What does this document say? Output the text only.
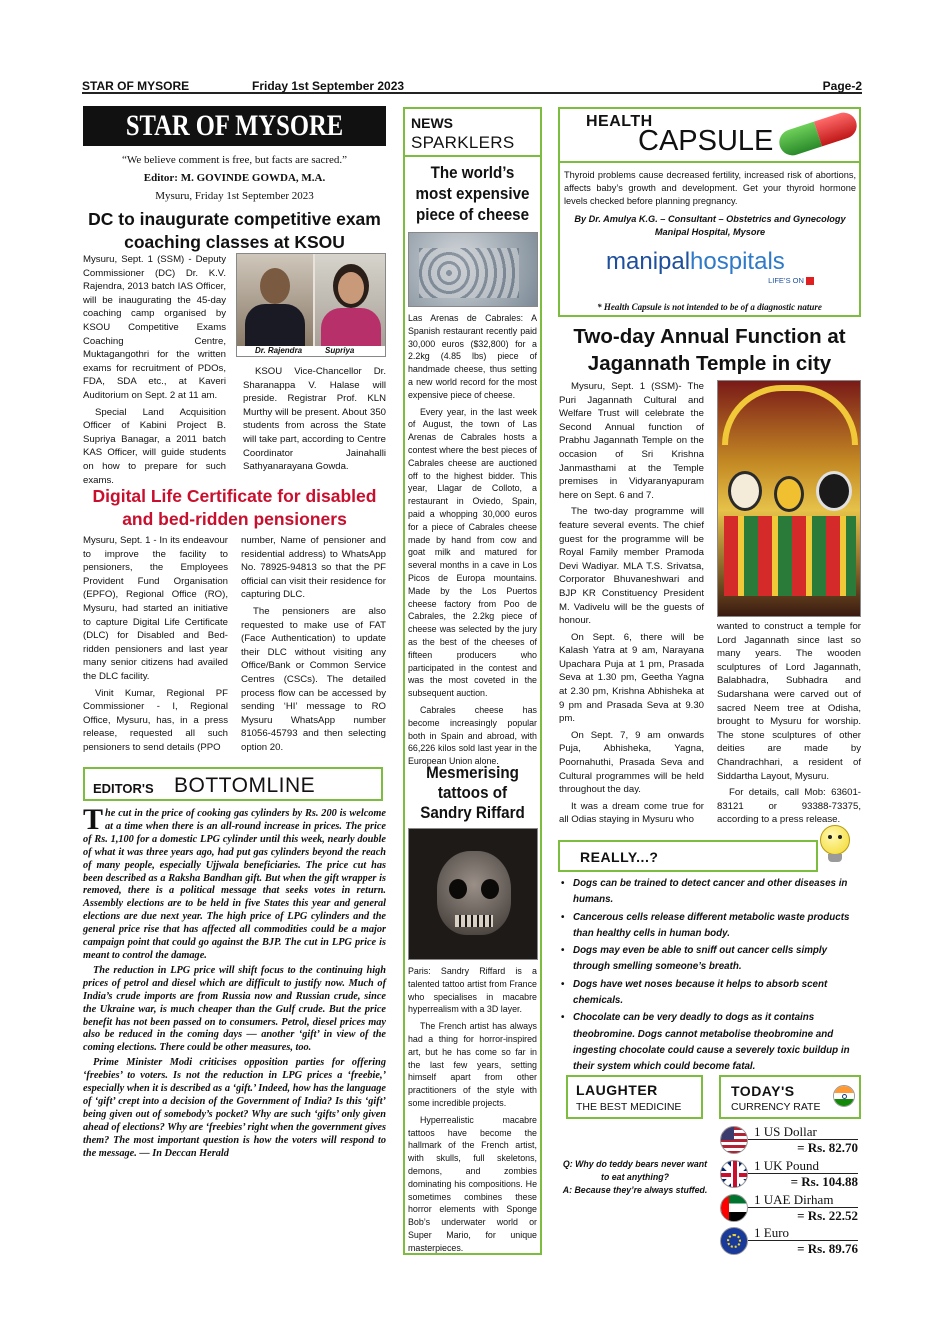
STAR OF MYSORE	Friday 1st September 2023	Page-2
STAR OF MYSORE
“We believe comment is free, but facts are sacred.”
Editor: M. GOVINDE GOWDA, M.A.
Mysuru, Friday 1st September 2023
DC to inaugurate competitive exam coaching classes at KSOU

Mysuru, Sept. 1 (SSM) - Deputy Commissioner (DC) Dr. K.V. Rajendra, 2013 batch IAS Officer, will be inaugurating the 45-day coaching camp organised by KSOU Competitive Exams Coaching Centre, Muktagangothri for the written exams for recruitment of PDOs, FDA, SDA etc., at Kaveri Auditorium on Sept. 2 at 11 am.

Special Land Acquisition Officer of Kabini Project B. Supriya Banagar, a 2011 batch KAS Officer, will guide students on how to prepare for such exams.

Dr. Rajendra	Supriya

KSOU Vice-Chancellor Dr. Sharanappa V. Halase will preside. Registrar Prof. KLN Murthy will be present. About 350 students from across the State will take part, according to Centre Coordinator Jainahalli Sathyanarayana Gowda.

Digital Life Certificate for disabled and bed-ridden pensioners

Mysuru, Sept. 1 - In its endeavour to improve the facility to pensioners, the Employees Provident Fund Organisation (EPFO), Regional Office (RO), Mysuru, had started an initiative to capture Digital Life Certificate (DLC) for Disabled and Bed-ridden pensioners and last year many senior citizens had availed the DLC facility.

Vinit Kumar, Regional PF Commissioner - I, Regional Office, Mysuru, has, in a press release, requested all such pensioners to send details (PPO

number, Name of pensioner and residential address) to WhatsApp No. 78925-94813 so that the PF official can visit their residence for capturing DLC.

The pensioners are also requested to make use of FAT (Face Authentication) to update their DLC without visiting any Office/Bank or Common Service Centres (CSCs). The detailed process flow can be accessed by sending ‘HI’ message to RO Mysuru WhatsApp number 81056-45793 and then selecting option 20.

EDITOR'S BOTTOMLINE

The cut in the price of cooking gas cylinders by Rs. 200 is welcome at a time when there is an all-round increase in prices. The price of Rs. 1,100 for a domestic LPG cylinder until this week, nearly double of what it was three years ago, had put gas cylinders beyond the reach of many people, especially Ujjwala beneficiaries. The price cut has been described as a Raksha Bandhan gift. But when the gift wrapper is removed, there is a political message that seeks votes in return. Assembly elections are to be held in five States this year and general elections are due next year. The high price of LPG cylinders and the general price rise that has affected all commodities could be a major campaign point that could go against the BJP. The cut in LPG price is meant to control the damage.

The reduction in LPG price will shift focus to the continuing high prices of petrol and diesel which are difficult to justify now. Much of India’s crude imports are from Russia now and Russian crude, since the Ukraine war, is much cheaper than the Gulf crude. But the price benefit has not been passed on to consumers. Petrol, diesel prices may also be reduced in the coming days — another ‘gift’ in view of the coming elections. There could be other measures, too.

Prime Minister Modi criticises opposition parties for offering ‘freebies’ to voters. Is not the reduction in LPG prices a ‘freebie,’ especially when it is described as a ‘gift.’ Indeed, how has the language of ‘gift’ crept into a decision of the Government of India? Is this ‘gift’ being given out of somebody’s pocket? Why are such ‘gifts’ only given ahead of elections? Why are ‘freebies’ right when the government gives them? The most important question is how the voters will respond to the message. — In Deccan Herald

NEWS
SPARKLERS
The world’s most expensive piece of cheese

Las Arenas de Cabrales: A Spanish restaurant recently paid 30,000 euros ($32,800) for a 2.2kg (4.85 lbs) piece of handmade cheese, thus setting a new world record for the most expensive piece of cheese.

Every year, in the last week of August, the town of Las Arenas de Cabrales hosts a contest where the best pieces of Cabrales cheese are auctioned off to the highest bidder. This year, Llagar de Colloto, a restaurant in Oviedo, Spain, paid a whopping 30,000 euros for a piece of Cabrales cheese made by hand from cow and goat milk and matured for several months in a cave in Los Picos de Europa mountains. Made by the Los Puertos cheese factory from Poo de Cabrales, the 2.2kg piece of cheese was selected by the jury as the best of the cheeses of fifteen producers who participated in the contest and was the most coveted in the subsequent auction.

Cabrales cheese has become increasingly popular both in Spain and abroad, with 66,226 kilos sold last year in the European Union alone.

Mesmerising tattoos of Sandry Riffard

Paris: Sandry Riffard is a talented tattoo artist from France who specialises in macabre hyperrealism with a 3D layer.

The French artist has always had a thing for horror-inspired art, but he has come so far in the last few years, setting himself apart from other practitioners of the style with some incredible projects.

Hyperrealistic macabre tattoos have become the hallmark of the French artist, with skulls, full skeletons, demons, and zombies dominating his compositions. He sometimes combines these horror elements with Sponge Bob’s underwater world or Super Mario, for unique masterpieces.

HEALTH
CAPSULE
Thyroid problems cause decreased fertility, increased risk of abortions, affects baby’s growth and development. Get your thyroid hormone levels checked before planning pregnancy.
By Dr. Amulya K.G. – Consultant – Obstetrics and Gynecology
Manipal Hospital, Mysore
manipalhospitals
LIFE’S ON
* Health Capsule is not intended to be of a diagnostic nature
Two-day Annual Function at Jagannath Temple in city

Mysuru, Sept. 1 (SSM)- The Puri Jagannath Cultural and Welfare Trust will celebrate the Second Annual function of Prabhu Jagannath Temple on the occasion of Sri Krishna Janmasthami at the Temple premises in Vidyaranyapuram here on Sept. 6 and 7.

The two-day programme will feature several events. The chief guest for the programme will be Royal Family member Pramoda Devi Wadiyar. MLA T.S. Srivatsa, Corporator Bhuvaneshwari and BJP KR Constituency President M. Vadivelu will be the guests of honour.

On Sept. 6, there will be Kalash Yatra at 9 am, Narayana Upachara Puja at 1 pm, Prasada Seva at 1.30 pm, Geetha Yagna at 2.30 pm, Krishna Abhisheka at 9 pm and Prasada Seva at 9.30 pm.

On Sept. 7, 9 am onwards Puja, Abhisheka, Yagna, Poornahuthi, Prasada Seva and Cultural programmes will be held throughout the day.

It was a dream come true for all Odias staying in Mysuru who

wanted to construct a temple for Lord Jagannath since last so many years. The wooden sculptures of Lord Jagannath, Balabhadra, Subhadra and Sudarshana were carved out of sacred Neem tree at Odisha, brought to Mysuru for worship. The stone sculptures of other deities are made by Chandrachhari, a resident of Siddartha Layout, Mysuru.

For details, call Mob: 63601-83121 or 93388-73375, according to a press release.

REALLY...?
• Dogs can be trained to detect cancer and other diseases in humans.
• Cancerous cells release different metabolic waste products than healthy cells in human body.
• Dogs may even be able to sniff out cancer cells simply through smelling someone’s breath.
• Dogs have wet noses because it helps to absorb scent chemicals.
• Chocolate can be very deadly to dogs as it contains theobromine. Dogs cannot metabolise theobromine and ingesting chocolate could cause a severely toxic buildup in their system which could become fatal.
LAUGHTER
THE BEST MEDICINE
Q: Why do teddy bears never want to eat anything?
A: Because they’re always stuffed.
TODAY'S
CURRENCY RATE
1 US Dollar
= Rs. 82.70
1 UK Pound
= Rs. 104.88
1 UAE Dirham
= Rs. 22.52
1 Euro
= Rs. 89.76
